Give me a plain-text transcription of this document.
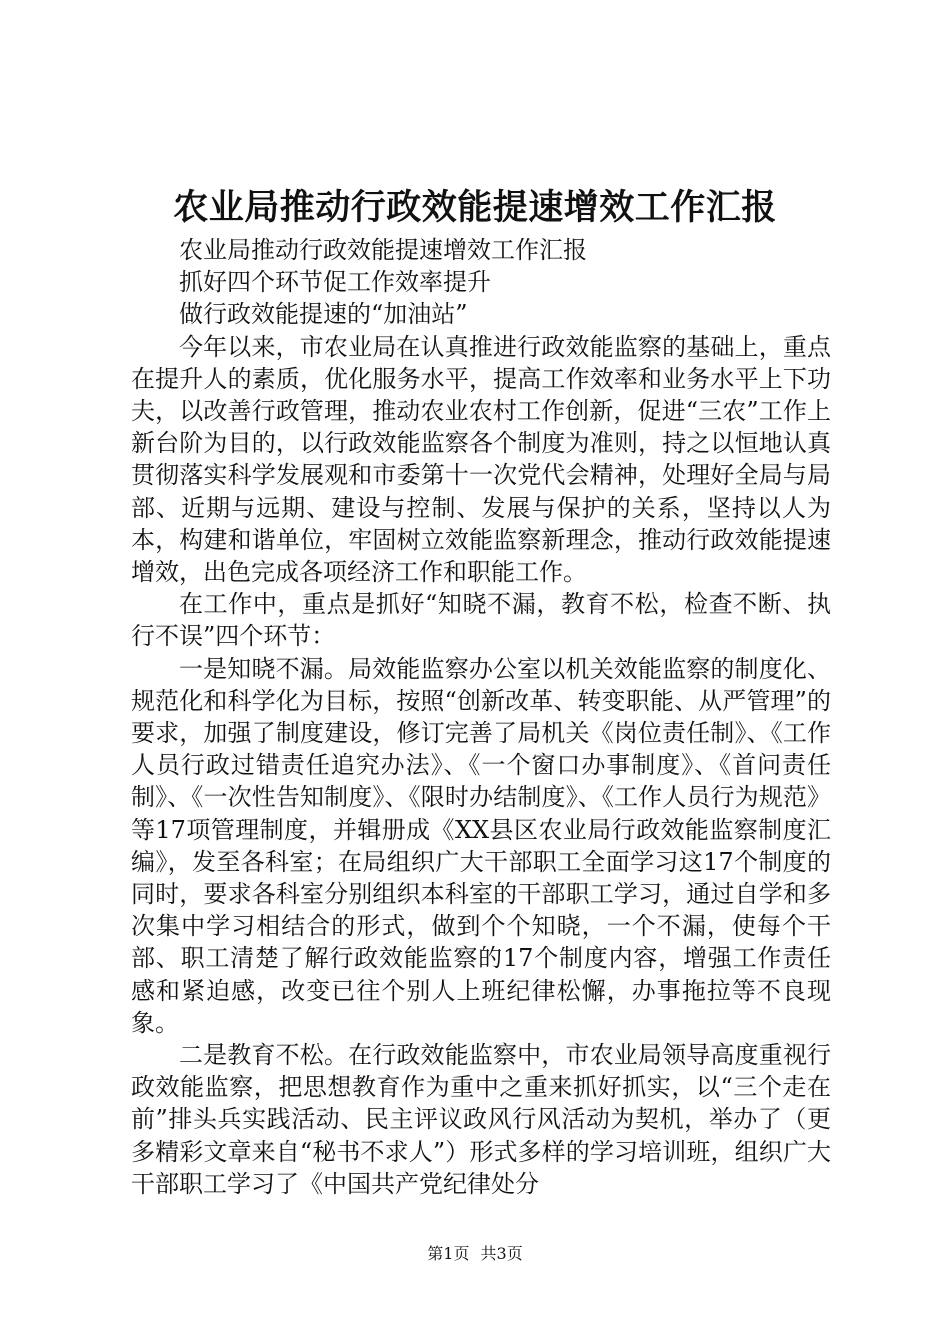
农业局推动行政效能提速增效工作汇报

农业局推动行政效能提速增效工作汇报

抓好四个环节促工作效率提升

做行政效能提速的“加油站”

今年以来，市农业局在认真推进行政效能监察的基础上，重点在提升人的素质，优化服务水平，提高工作效率和业务水平上下功夫，以改善行政管理，推动农业农村工作创新，促进“三农”工作上新台阶为目的，以行政效能监察各个制度为准则，持之以恒地认真贯彻落实科学发展观和市委第十一次党代会精神，处理好全局与局部、近期与远期、建设与控制、发展与保护的关系，坚持以人为本，构建和谐单位，牢固树立效能监察新理念，推动行政效能提速增效，出色完成各项经济工作和职能工作。

在工作中，重点是抓好“知晓不漏，教育不松，检查不断、执行不误”四个环节：

一是知晓不漏。局效能监察办公室以机关效能监察的制度化、规范化和科学化为目标，按照“创新改革、转变职能、从严管理”的要求，加强了制度建设，修订完善了局机关《岗位责任制》、《工作人员行政过错责任追究办法》、《一个窗口办事制度》、《首问责任制》、《一次性告知制度》、《限时办结制度》、《工作人员行为规范》等17项管理制度，并辑册成《XX县区农业局行政效能监察制度汇编》，发至各科室；在局组织广大干部职工全面学习这17个制度的同时，要求各科室分别组织本科室的干部职工学习，通过自学和多次集中学习相结合的形式，做到个个知晓，一个不漏，使每个干部、职工清楚了解行政效能监察的17个制度内容，增强工作责任感和紧迫感，改变已往个别人上班纪律松懈，办事拖拉等不良现象。

二是教育不松。在行政效能监察中，市农业局领导高度重视行政效能监察，把思想教育作为重中之重来抓好抓实，以“三个走在前”排头兵实践活动、民主评议政风行风活动为契机，举办了（更多精彩文章来自“秘书不求人”）形式多样的学习培训班，组织广大干部职工学习了《中国共产党纪律处分

第1页 共3页
